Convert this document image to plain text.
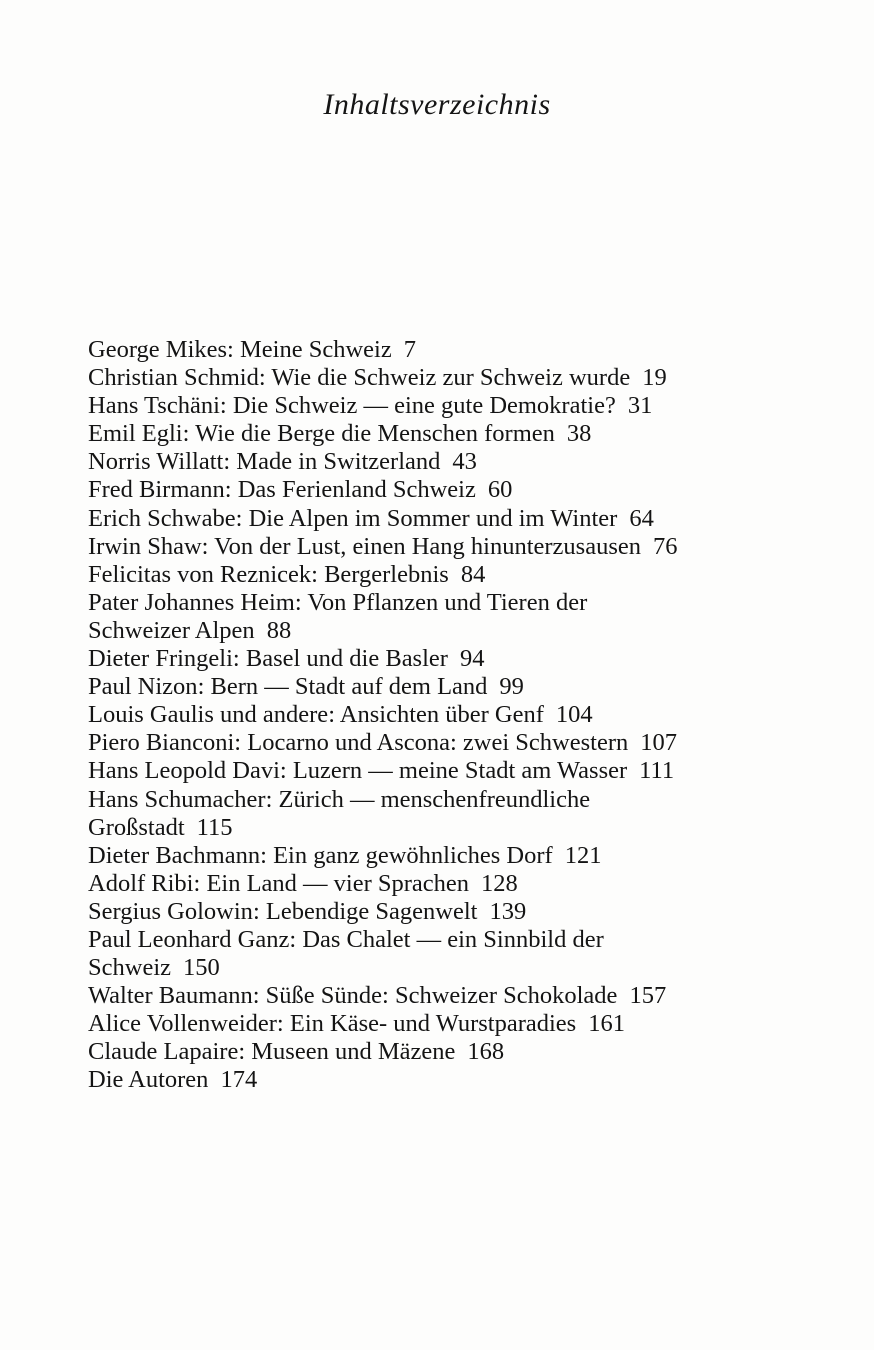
Inhaltsverzeichnis
George Mikes: Meine Schweiz 7
Christian Schmid: Wie die Schweiz zur Schweiz wurde 19
Hans Tschäni: Die Schweiz — eine gute Demokratie? 31
Emil Egli: Wie die Berge die Menschen formen 38
Norris Willatt: Made in Switzerland 43
Fred Birmann: Das Ferienland Schweiz 60
Erich Schwabe: Die Alpen im Sommer und im Winter 64
Irwin Shaw: Von der Lust, einen Hang hinunterzusausen 76
Felicitas von Reznicek: Bergerlebnis 84
Pater Johannes Heim: Von Pflanzen und Tieren der
Schweizer Alpen 88
Dieter Fringeli: Basel und die Basler 94
Paul Nizon: Bern — Stadt auf dem Land 99
Louis Gaulis und andere: Ansichten über Genf 104
Piero Bianconi: Locarno und Ascona: zwei Schwestern 107
Hans Leopold Davi: Luzern — meine Stadt am Wasser 111
Hans Schumacher: Zürich — menschenfreundliche
Großstadt 115
Dieter Bachmann: Ein ganz gewöhnliches Dorf 121
Adolf Ribi: Ein Land — vier Sprachen 128
Sergius Golowin: Lebendige Sagenwelt 139
Paul Leonhard Ganz: Das Chalet — ein Sinnbild der
Schweiz 150
Walter Baumann: Süße Sünde: Schweizer Schokolade 157
Alice Vollenweider: Ein Käse- und Wurstparadies 161
Claude Lapaire: Museen und Mäzene 168
Die Autoren 174
